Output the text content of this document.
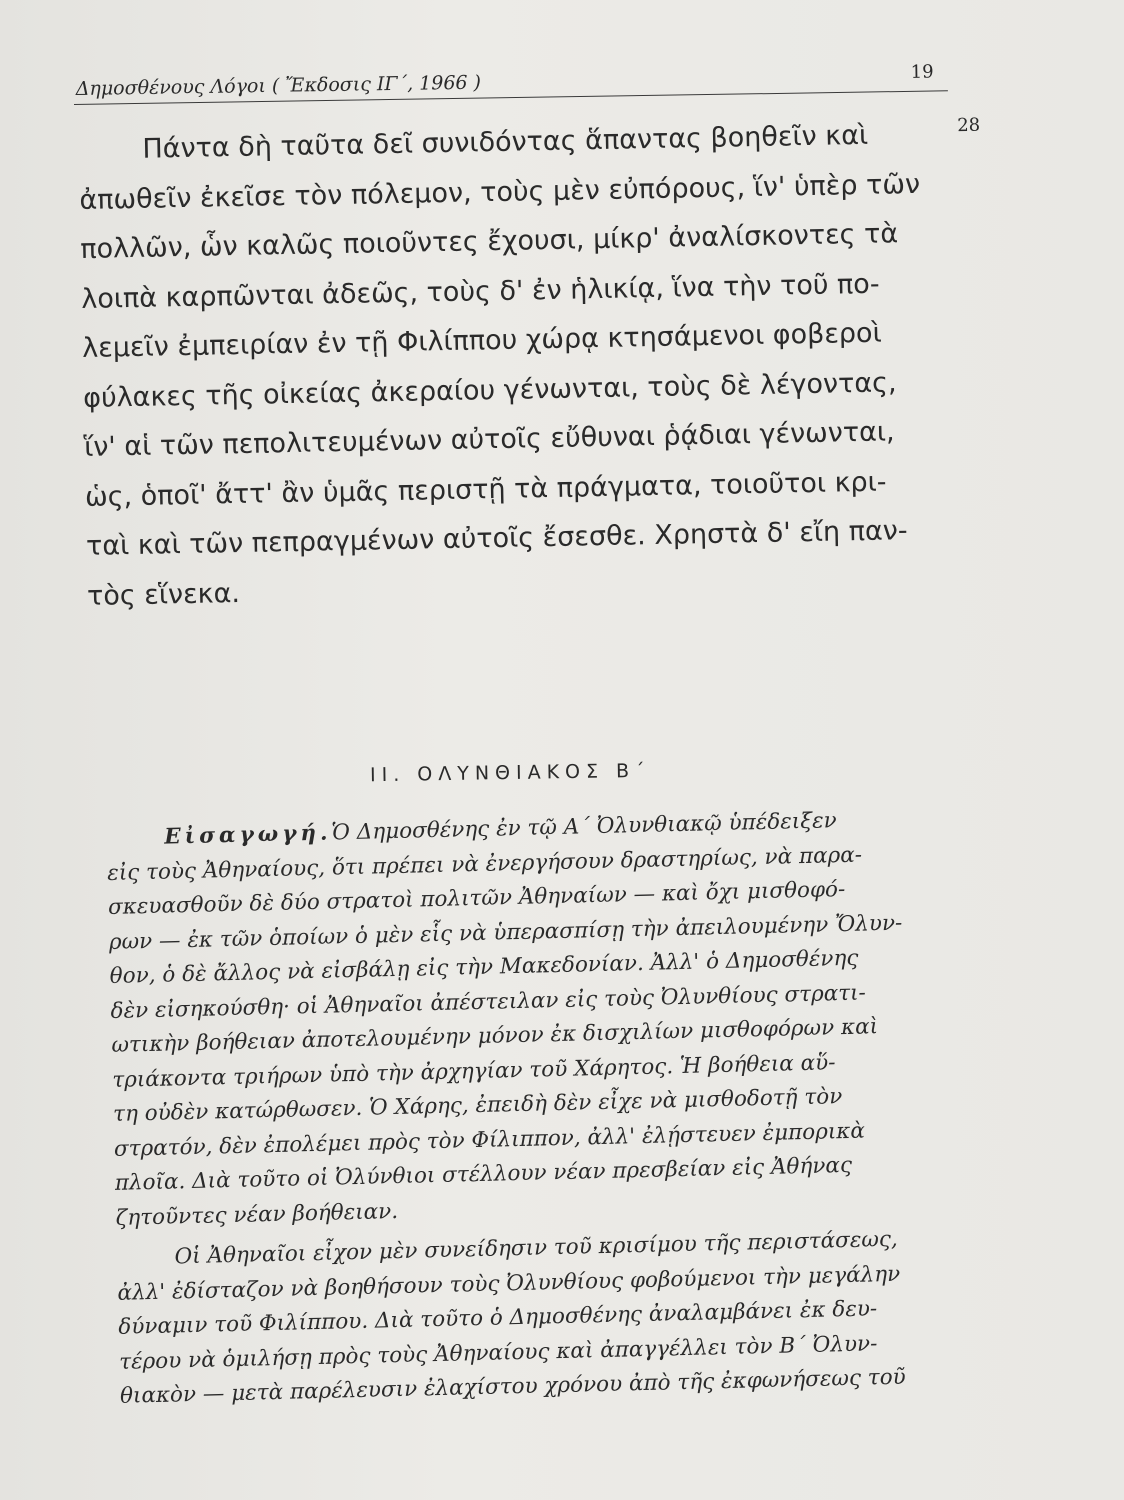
Δημοσθένους Λόγοι ( Ἔκδοσις ΙΓ΄, 1966 )	19
28
Πάντα δὴ ταῦτα δεῖ συνιδόντας ἅπαντας βοηθεῖν καὶ
ἀπωθεῖν ἐκεῖσε τὸν πόλεμον, τοὺς μὲν εὐπόρους, ἵν' ὑπὲρ τῶν
πολλῶν, ὧν καλῶς ποιοῦντες ἔχουσι, μίκρ' ἀναλίσκοντες τὰ
λοιπὰ καρπῶνται ἀδεῶς, τοὺς δ' ἐν ἡλικίᾳ, ἵνα τὴν τοῦ πο-
λεμεῖν ἐμπειρίαν ἐν τῇ Φιλίππου χώρᾳ κτησάμενοι φοβεροὶ
φύλακες τῆς οἰκείας ἀκεραίου γένωνται, τοὺς δὲ λέγοντας,
ἵν' αἱ τῶν πεπολιτευμένων αὐτοῖς εὔθυναι ῥᾴδιαι γένωνται,
ὡς, ὁποῖ' ἄττ' ἂν ὑμᾶς περιστῇ τὰ πράγματα, τοιοῦτοι κρι-
ταὶ καὶ τῶν πεπραγμένων αὐτοῖς ἔσεσθε. Χρηστὰ δ' εἴη παν-
τὸς εἵνεκα.
ΙΙ. ΟΛΥΝΘΙΑΚΟΣ Β΄
Εἰσαγωγή.Ὁ Δημοσθένης ἐν τῷ Α΄ Ὀλυνθιακῷ ὑπέδειξεν
εἰς τοὺς Ἀθηναίους, ὅτι πρέπει νὰ ἐνεργήσουν δραστηρίως, νὰ παρα-
σκευασθοῦν δὲ δύο στρατοὶ πολιτῶν Ἀθηναίων — καὶ ὄχι μισθοφό-
ρων — ἐκ τῶν ὁποίων ὁ μὲν εἷς νὰ ὑπερασπίσῃ τὴν ἀπειλουμένην Ὄλυν-
θον, ὁ δὲ ἄλλος νὰ εἰσβάλῃ εἰς τὴν Μακεδονίαν. Ἀλλ' ὁ Δημοσθένης
δὲν εἰσηκούσθη· οἱ Ἀθηναῖοι ἀπέστειλαν εἰς τοὺς Ὀλυνθίους στρατι-
ωτικὴν βοήθειαν ἀποτελουμένην μόνον ἐκ δισχιλίων μισθοφόρων καὶ
τριάκοντα τριήρων ὑπὸ τὴν ἀρχηγίαν τοῦ Χάρητος. Ἡ βοήθεια αὕ-
τη οὐδὲν κατώρθωσεν. Ὁ Χάρης, ἐπειδὴ δὲν εἶχε νὰ μισθοδοτῇ τὸν
στρατόν, δὲν ἐπολέμει πρὸς τὸν Φίλιππον, ἀλλ' ἐλῄστευεν ἐμπορικὰ
πλοῖα. Διὰ τοῦτο οἱ Ὀλύνθιοι στέλλουν νέαν πρεσβείαν εἰς Ἀθήνας
ζητοῦντες νέαν βοήθειαν.
Οἱ Ἀθηναῖοι εἶχον μὲν συνείδησιν τοῦ κρισίμου τῆς περιστάσεως,
ἀλλ' ἐδίσταζον νὰ βοηθήσουν τοὺς Ὀλυνθίους φοβούμενοι τὴν μεγάλην
δύναμιν τοῦ Φιλίππου. Διὰ τοῦτο ὁ Δημοσθένης ἀναλαμβάνει ἐκ δευ-
τέρου νὰ ὁμιλήσῃ πρὸς τοὺς Ἀθηναίους καὶ ἀπαγγέλλει τὸν Β΄ Ὀλυν-
θιακὸν — μετὰ παρέλευσιν ἐλαχίστου χρόνου ἀπὸ τῆς ἐκφωνήσεως τοῦ
